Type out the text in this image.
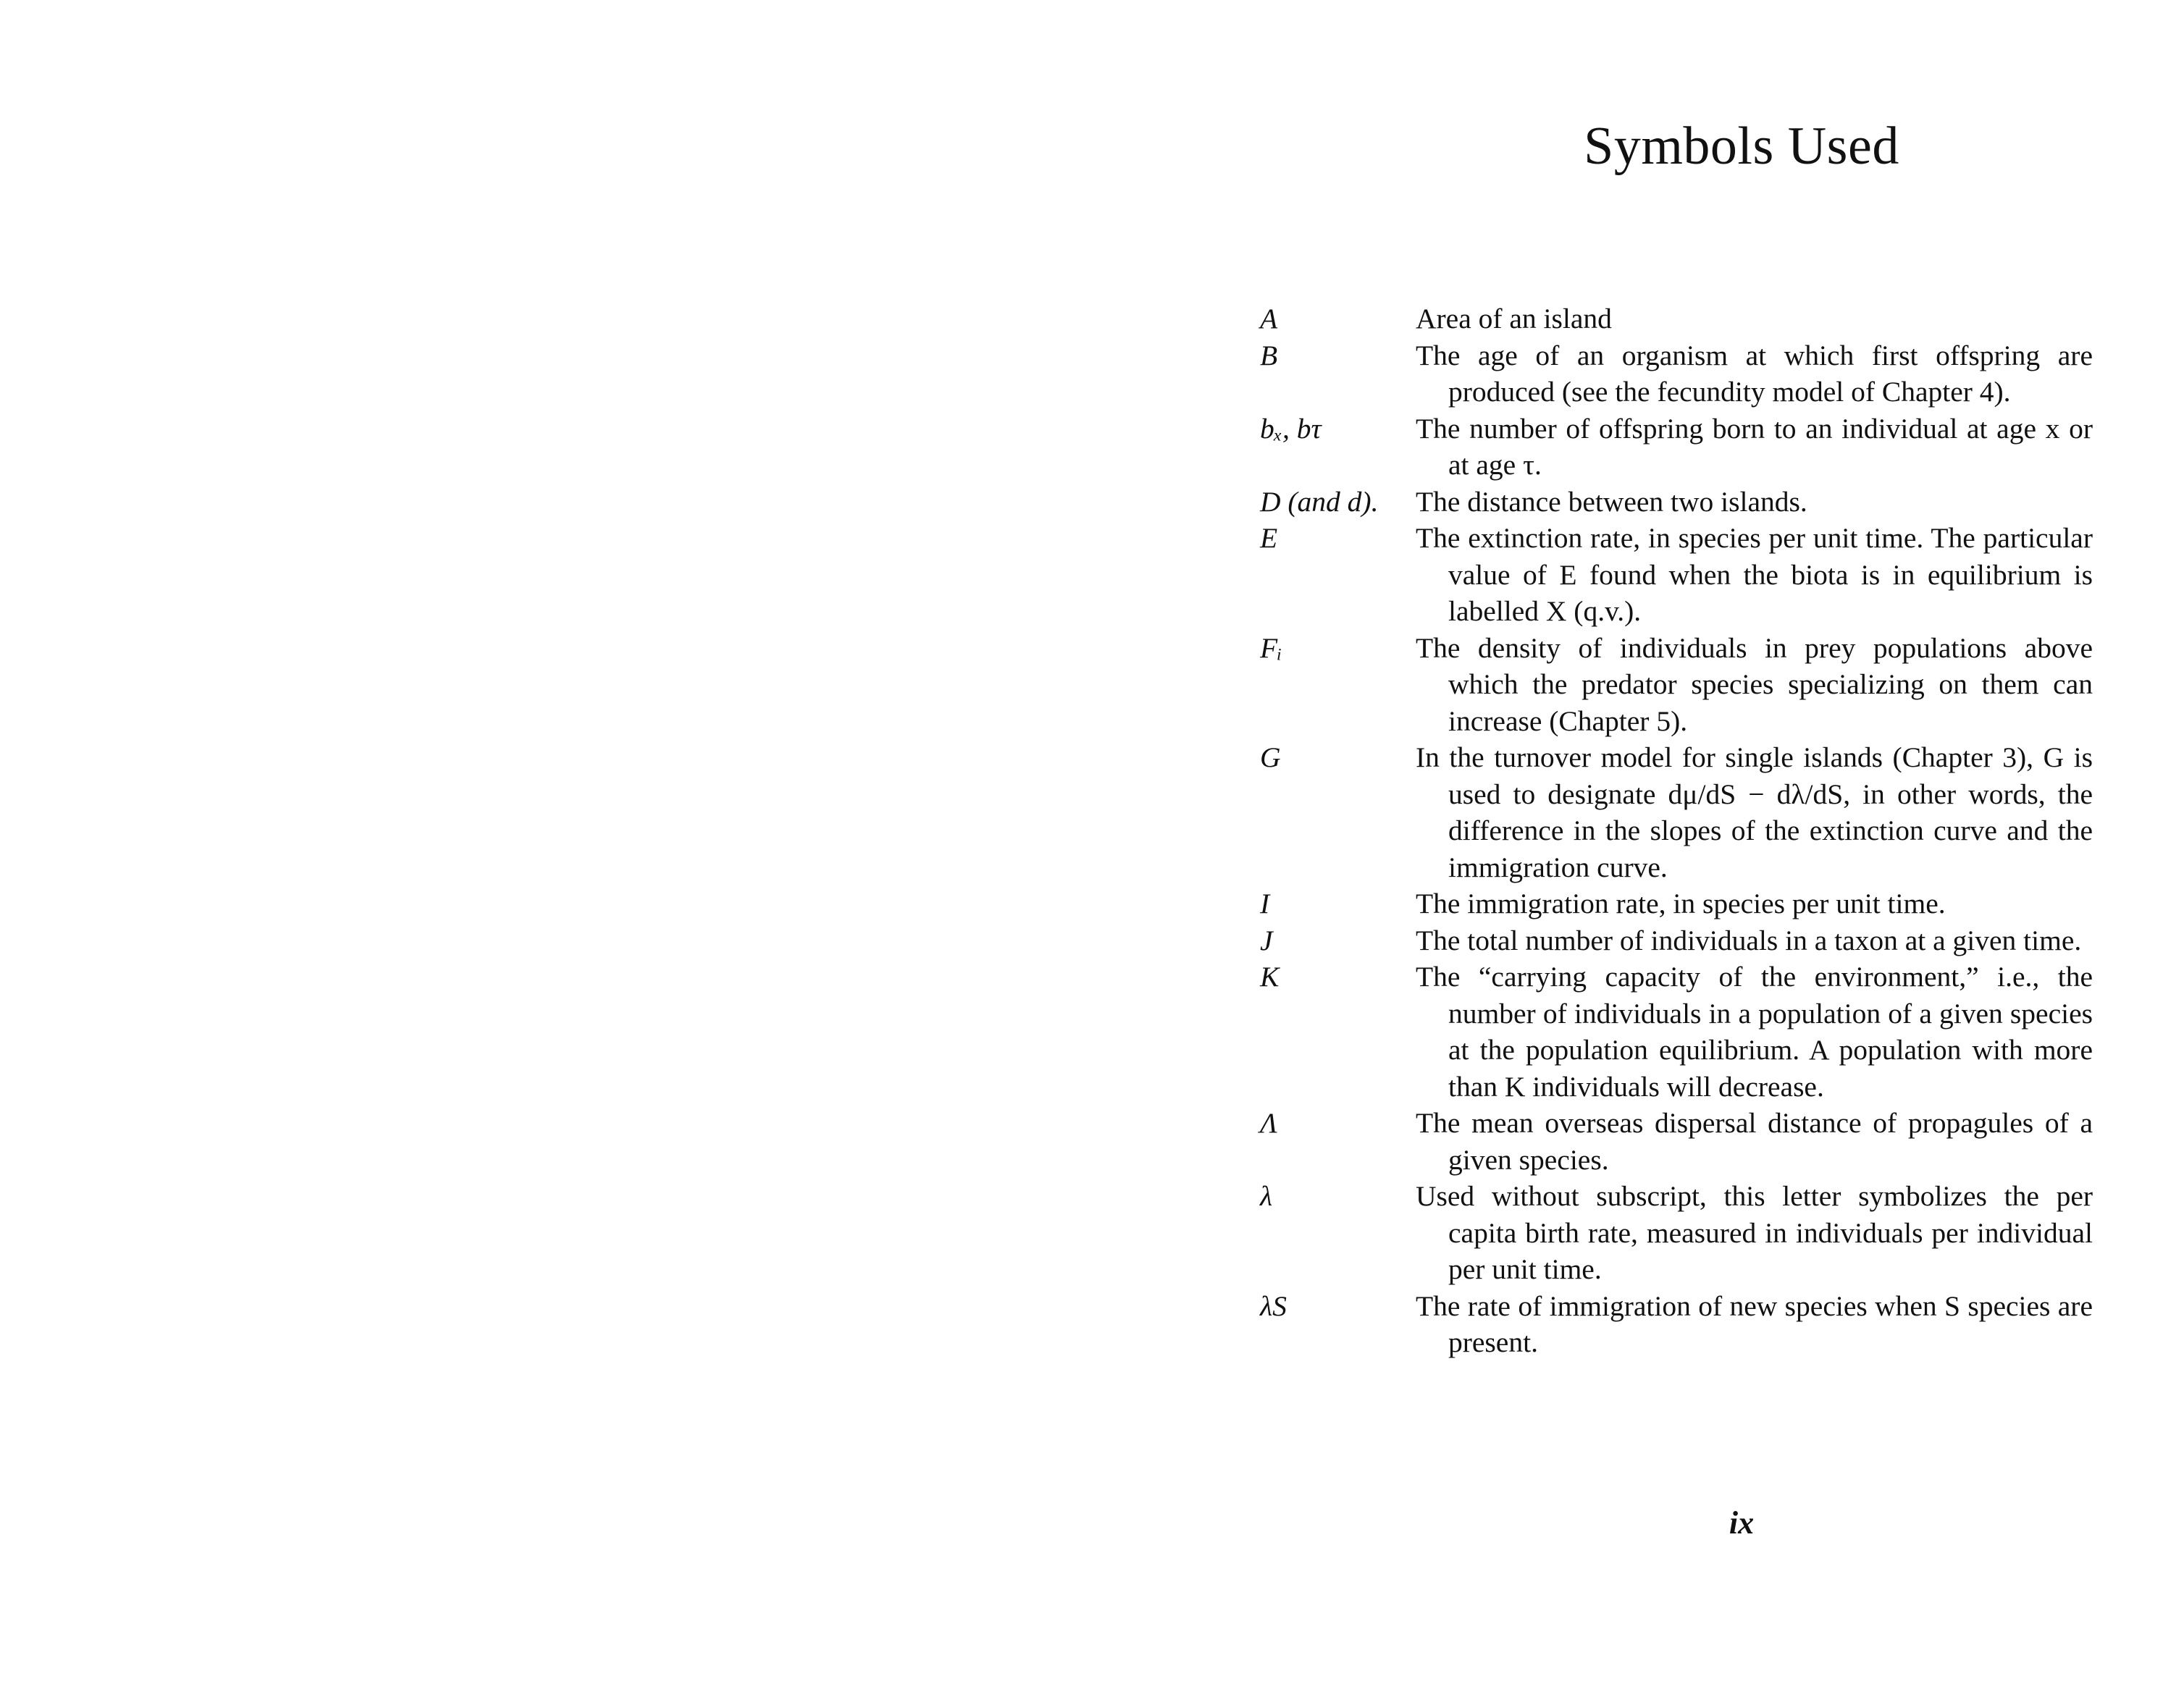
Symbols Used
A	Area of an island
B	The age of an organism at which first offspring are produced (see the fecundity model of Chapter 4).
bₓ, bτ	The number of offspring born to an individual at age x or at age τ.
D (and d).	The distance between two islands.
E	The extinction rate, in species per unit time. The particular value of E found when the biota is in equilibrium is labelled X (q.v.).
Fᵢ	The density of individuals in prey populations above which the predator species specializing on them can increase (Chapter 5).
G	In the turnover model for single islands (Chapter 3), G is used to designate dμ/dS − dλ/dS, in other words, the difference in the slopes of the extinction curve and the immigration curve.
I	The immigration rate, in species per unit time.
J	The total number of individuals in a taxon at a given time.
K	The “carrying capacity of the environment,” i.e., the number of individuals in a population of a given species at the population equilibrium. A population with more than K individuals will decrease.
Λ	The mean overseas dispersal distance of propagules of a given species.
λ	Used without subscript, this letter symbolizes the per capita birth rate, measured in individuals per individual per unit time.
λS	The rate of immigration of new species when S species are present.

ix
